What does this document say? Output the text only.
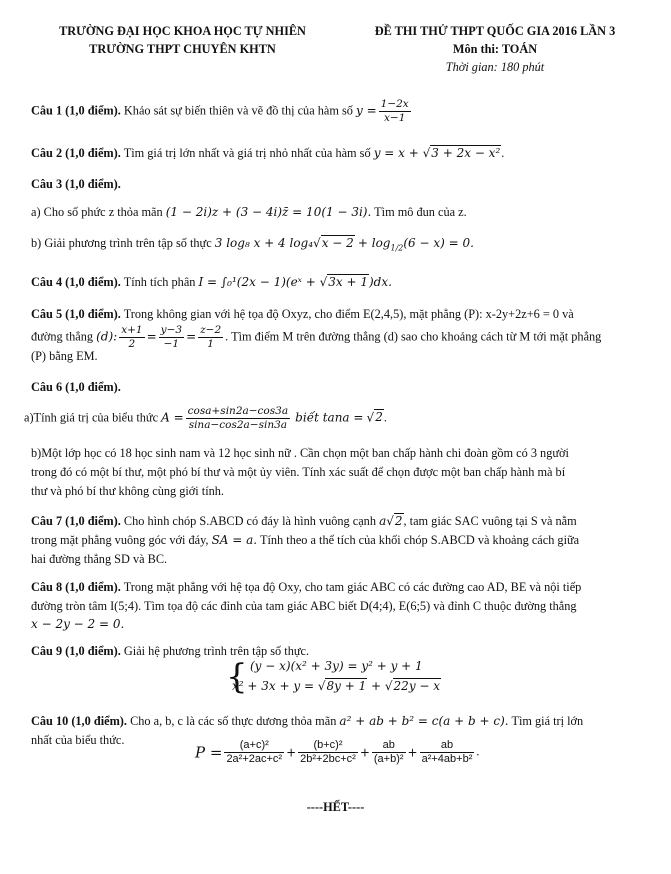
TRƯỜNG ĐẠI HỌC KHOA HỌC TỰ NHIÊN
TRƯỜNG THPT CHUYÊN KHTN
ĐỀ THI THỬ THPT QUỐC GIA 2016 LẦN 3
Môn thi: TOÁN
Thời gian: 180 phút
Câu 1 (1,0 điểm). Khảo sát sự biến thiên và vẽ đồ thị của hàm số $y = \frac{1-2x}{x-1}$
Câu 2 (1,0 điểm). Tìm giá trị lớn nhất và giá trị nhỏ nhất của hàm số y = x + √3 + 2x − x².
Câu 3 (1,0 điểm).
a) Cho số phức z thỏa mãn (1 − 2i)z + (3 − 4i)z̄ = 10(1 − 3i). Tìm mô đun của z.
b) Giải phương trình trên tập số thực 3 log₈ x + 4 $\log_4√x - 2 + \log_{1/2}(6 - x) = 0$.
Câu 4 (1,0 điểm). Tính tích phân I = ∫₀¹(2x − 1)(eˣ + √3x + 1)dx.
Câu 5 (1,0 điểm). Trong không gian với hệ tọa độ Oxyz, cho điểm E(2,4,5), mặt phẳng (P): x-2y+2z+6 = 0 và
đường thẳng (d): $\frac{x+1}{2} = \frac{y-3}{-1} = \frac{z-2}{1}$ . Tìm điểm M trên đường thẳng (d) sao cho khoảng cách từ M tới mặt phẳng
(P) bằng EM.
Câu 6 (1,0 điểm).
a)Tính giá trị của biểu thức $A = \frac{\cos a+\sin 2a-\cos 3a}{\sin a-\cos 2a-\sin 3a}$ biết tana = √2.
b)Một lớp học có 18 học sinh nam và 12 học sinh nữ . Cần chọn một ban chấp hành chi đoàn gồm có 3 người
trong đó có một bí thư, một phó bí thư và một ủy viên. Tính xác suất để chọn được một ban chấp hành mà bí
thư và phó bí thư không cùng giới tính.
Câu 7 (1,0 điểm). Cho hình chóp S.ABCD có đáy là hình vuông cạnh a√2, tam giác SAC vuông tại S và nằm
trong mặt phẳng vuông góc với đáy, SA = a. Tính theo a thể tích của khối chóp S.ABCD và khoảng cách giữa
hai đường thẳng SD và BC.
Câu 8 (1,0 điểm). Trong mặt phẳng với hệ tọa độ Oxy, cho tam giác ABC có các đường cao AD, BE và nội tiếp
đường tròn tâm I(5;4). Tìm tọa độ các đỉnh của tam giác ABC biết D(4;4), E(6;5) và đỉnh C thuộc đường thẳng
x − 2y − 2 = 0.
Câu 9 (1,0 điểm). Giải hệ phương trình trên tập số thực.
{ (y − x)(x² + 3y) = y² + y + 1
x² + 3x + y = √8y + 1 + √22y − x
Câu 10 (1,0 điểm). Cho a, b, c là các số thực dương thỏa mãn a² + ab + b² = c(a + b + c). Tìm giá trị lớn
nhất của biểu thức.
$P = \frac{\text{(a+c)²}}{\text{2a²+2ac+c²}} + \frac{\text{(b+c)²}}{\text{2b²+2bc+c²}} + \frac{ab}{\text{(a+b)²}} + \frac{ab}{\text{a²+4ab+b²}}$ .
----HẾT----
